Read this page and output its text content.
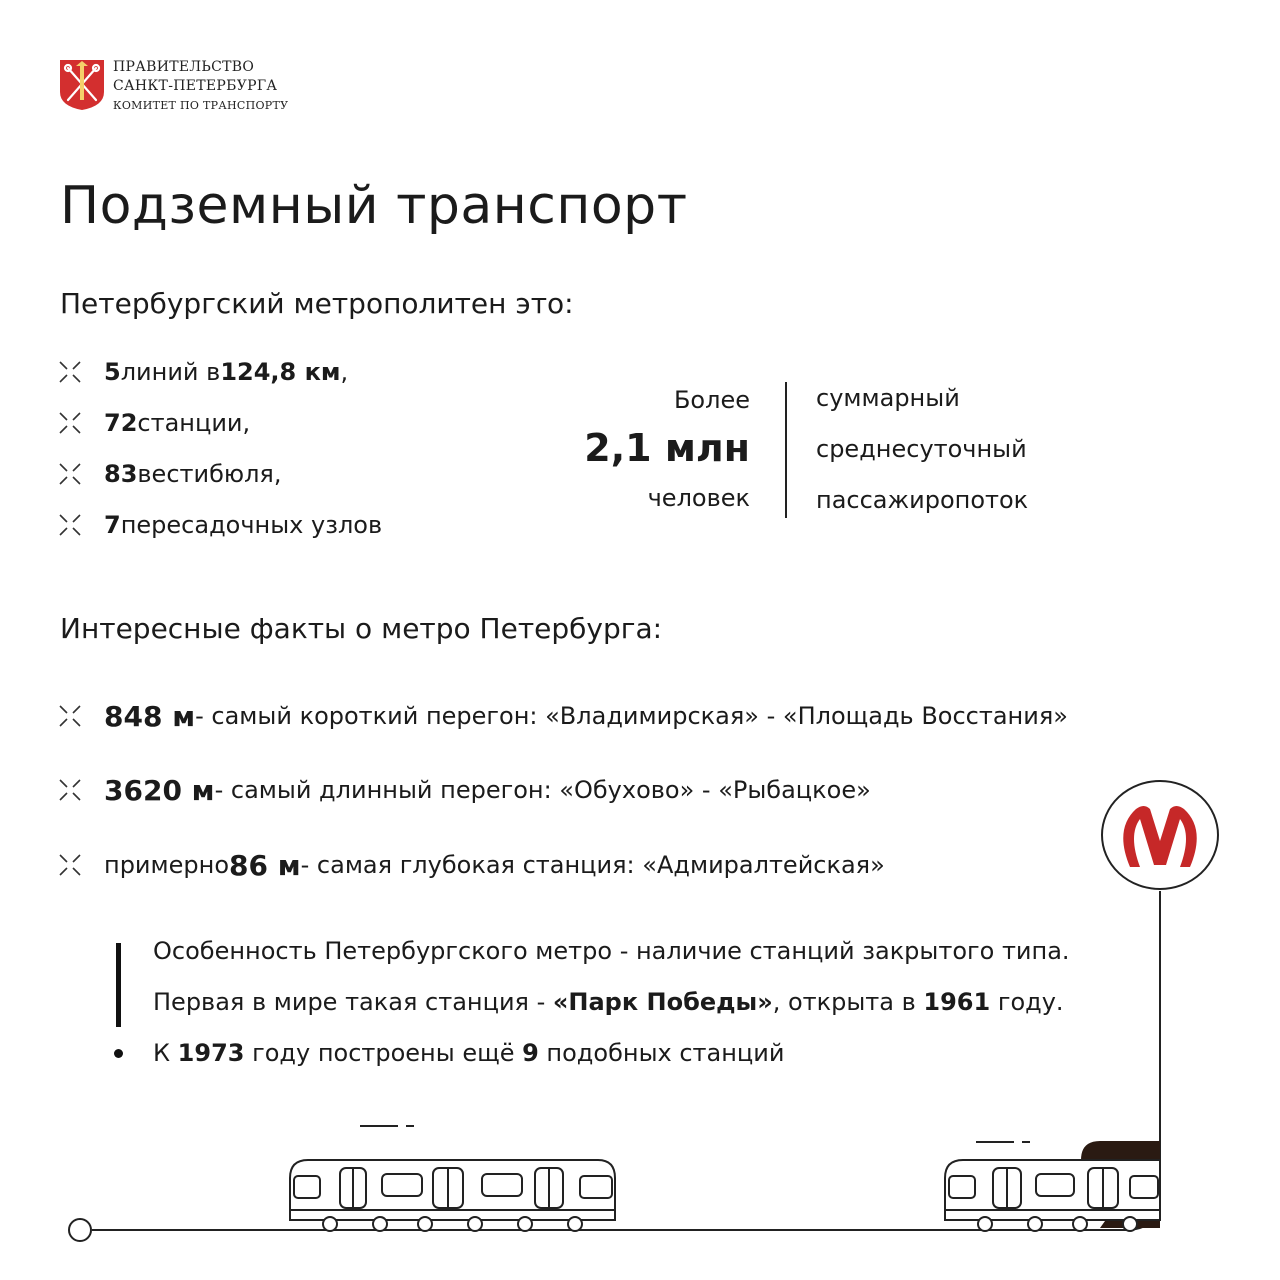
ПРАВИТЕЛЬСТВО
САНКТ-ПЕТЕРБУРГА
КОМИТЕТ ПО ТРАНСПОРТУ
Подземный транспорт
Петербургский метрополитен это:
5 линий в 124,8 км ,
72 станции,
83 вестибюля,
7 пересадочных узлов
Более
2,1 млн
человек
суммарный
среднесуточный
пассажиропоток
Интересные факты о метро Петербурга:
848 м - самый короткий перегон: «Владимирская» - «Площадь Восстания»
3620 м - самый длинный перегон: «Обухово» - «Рыбацкое»
примерно 86 м - самая глубокая станция: «Адмиралтейская»
Особенность Петербургского метро - наличие станций закрытого типа.
Первая в мире такая станция - «Парк Победы», открыта в 1961 году.
К 1973 году построены ещё 9 подобных станций
